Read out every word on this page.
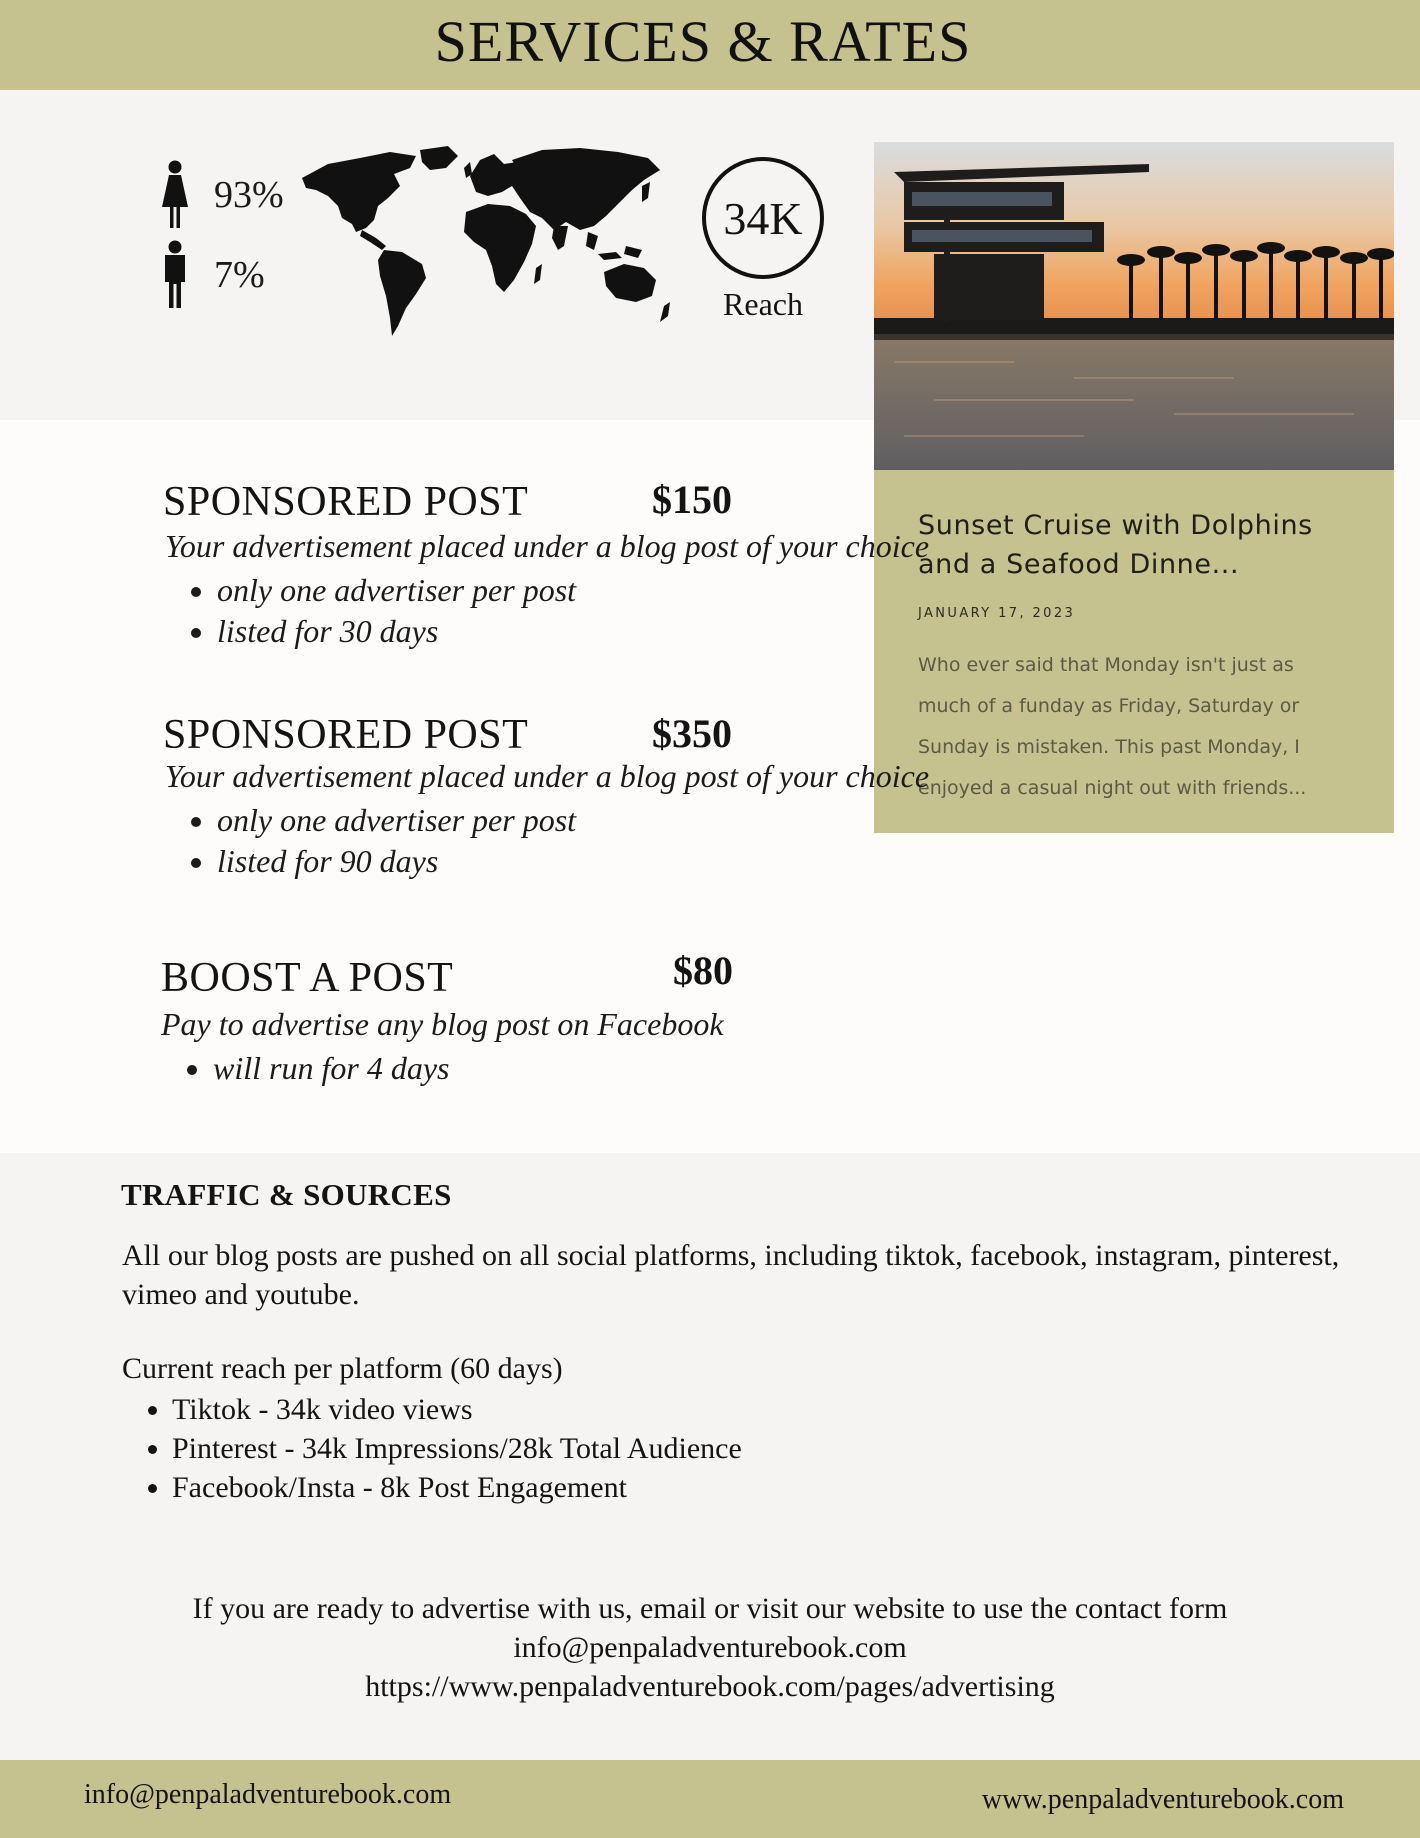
SERVICES & RATES
93%
7%
34K
Reach
Sunset Cruise with Dolphins
and a Seafood Dinne...
JANUARY 17, 2023
Who ever said that Monday isn't just as
much of a funday as Friday, Saturday or
Sunday is mistaken. This past Monday, I
enjoyed a casual night out with friends...
SPONSORED POST	$150
Your advertisement placed under a blog post of your choice
• only one advertiser per post
• listed for 30 days
SPONSORED POST	$350
Your advertisement placed under a blog post of your choice
• only one advertiser per post
• listed for 90 days
BOOST A POST	$80
Pay to advertise any blog post on Facebook
• will run for 4 days
TRAFFIC & SOURCES
All our blog posts are pushed on all social platforms, including tiktok, facebook, instagram, pinterest, vimeo and youtube.
Current reach per platform (60 days)
• Tiktok - 34k video views
• Pinterest - 34k Impressions/28k Total Audience
• Facebook/Insta - 8k Post Engagement
If you are ready to advertise with us, email or visit our website to use the contact form
info@penpaladventurebook.com
https://www.penpaladventurebook.com/pages/advertising
info@penpaladventurebook.com	www.penpaladventurebook.com
